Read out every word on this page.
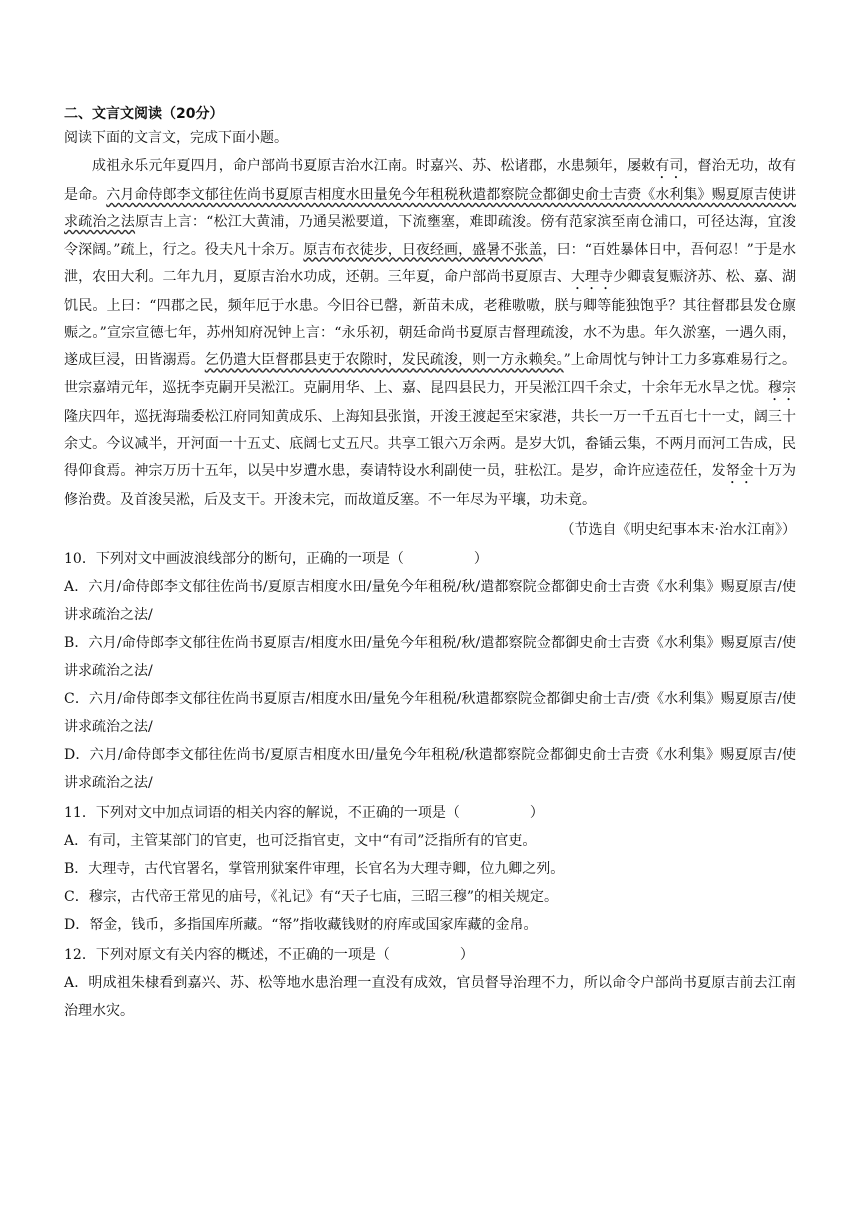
二、文言文阅读（20分）

阅读下面的文言文，完成下面小题。

成祖永乐元年夏四月，命户部尚书夏原吉治水江南。时嘉兴、苏、松诸郡，水患频年，屡敕有司，督治无功，故有是命。六月命侍郎李文郁往佐尚书夏原吉相度水田量免今年租税秋遣都察院佥都御史俞士吉赍《水利集》赐夏原吉使讲求疏治之法原吉上言：“松江大黄浦，乃通吴淞要道，下流壅塞，难即疏浚。傍有范家滨至南仓浦口，可径达海，宜浚令深阔。”疏上，行之。役夫凡十余万。原吉布衣徒步，日夜经画，盛暑不张盖，曰：“百姓暴体日中，吾何忍！”于是水泄，农田大利。二年九月，夏原吉治水功成，还朝。三年夏，命户部尚书夏原吉、大理寺少卿袁复赈济苏、松、嘉、湖饥民。上曰：“四郡之民，频年厄于水患。今旧谷已罄，新苗未成，老稚嗷嗷，朕与卿等能独饱乎？其往督郡县发仓廪赈之。”宣宗宣德七年，苏州知府况钟上言：“永乐初，朝廷命尚书夏原吉督理疏浚，水不为患。年久淤塞，一遇久雨，遂成巨浸，田皆溺焉。乞仍遣大臣督郡县吏于农隙时，发民疏浚，则一方永赖矣。”上命周忱与钟计工力多寡难易行之。世宗嘉靖元年，巡抚李克嗣开吴淞江。克嗣用华、上、嘉、昆四县民力，开吴淞江四千余丈，十余年无水旱之忧。穆宗隆庆四年，巡抚海瑞委松江府同知黄成乐、上海知县张嵿，开浚王渡起至宋家港，共长一万一千五百七十一丈，阔三十余丈。今议减半，开河面一十五丈、底阔七丈五尺。共享工银六万余两。是岁大饥，畚锸云集，不两月而河工告成，民得仰食焉。神宗万历十五年，以吴中岁遭水患，奏请特设水利副使一员，驻松江。是岁，命许应逵莅任，发帑金十万为修治费。及首浚吴淞，后及支干。开浚未完，而故道反塞。不一年尽为平壤，功未竟。

（节选自《明史纪事本末·治水江南》）

10．下列对文中画波浪线部分的断句，正确的一项是（　　　　　）

A．六月/命侍郎李文郁往佐尚书/夏原吉相度水田/量免今年租税/秋/遣都察院佥都御史俞士吉赍《水利集》赐夏原吉/使讲求疏治之法/

B．六月/命侍郎李文郁往佐尚书夏原吉/相度水田/量免今年租税/秋/遣都察院佥都御史俞士吉赍《水利集》赐夏原吉/使讲求疏治之法/

C．六月/命侍郎李文郁往佐尚书夏原吉/相度水田/量免今年租税/秋遣都察院佥都御史俞士吉/赍《水利集》赐夏原吉/使讲求疏治之法/

D．六月/命侍郎李文郁往佐尚书/夏原吉相度水田/量免今年租税/秋遣都察院佥都御史俞士吉赍《水利集》赐夏原吉/使讲求疏治之法/

11．下列对文中加点词语的相关内容的解说，不正确的一项是（　　　　　）

A．有司，主管某部门的官吏，也可泛指官吏，文中“有司”泛指所有的官吏。

B．大理寺，古代官署名，掌管刑狱案件审理，长官名为大理寺卿，位九卿之列。

C．穆宗，古代帝王常见的庙号，《礼记》有“天子七庙，三昭三穆”的相关规定。

D．帑金，钱币，多指国库所藏。“帑”指收藏钱财的府库或国家库藏的金帛。

12．下列对原文有关内容的概述，不正确的一项是（　　　　　）

A．明成祖朱棣看到嘉兴、苏、松等地水患治理一直没有成效，官员督导治理不力，所以命令户部尚书夏原吉前去江南治理水灾。
